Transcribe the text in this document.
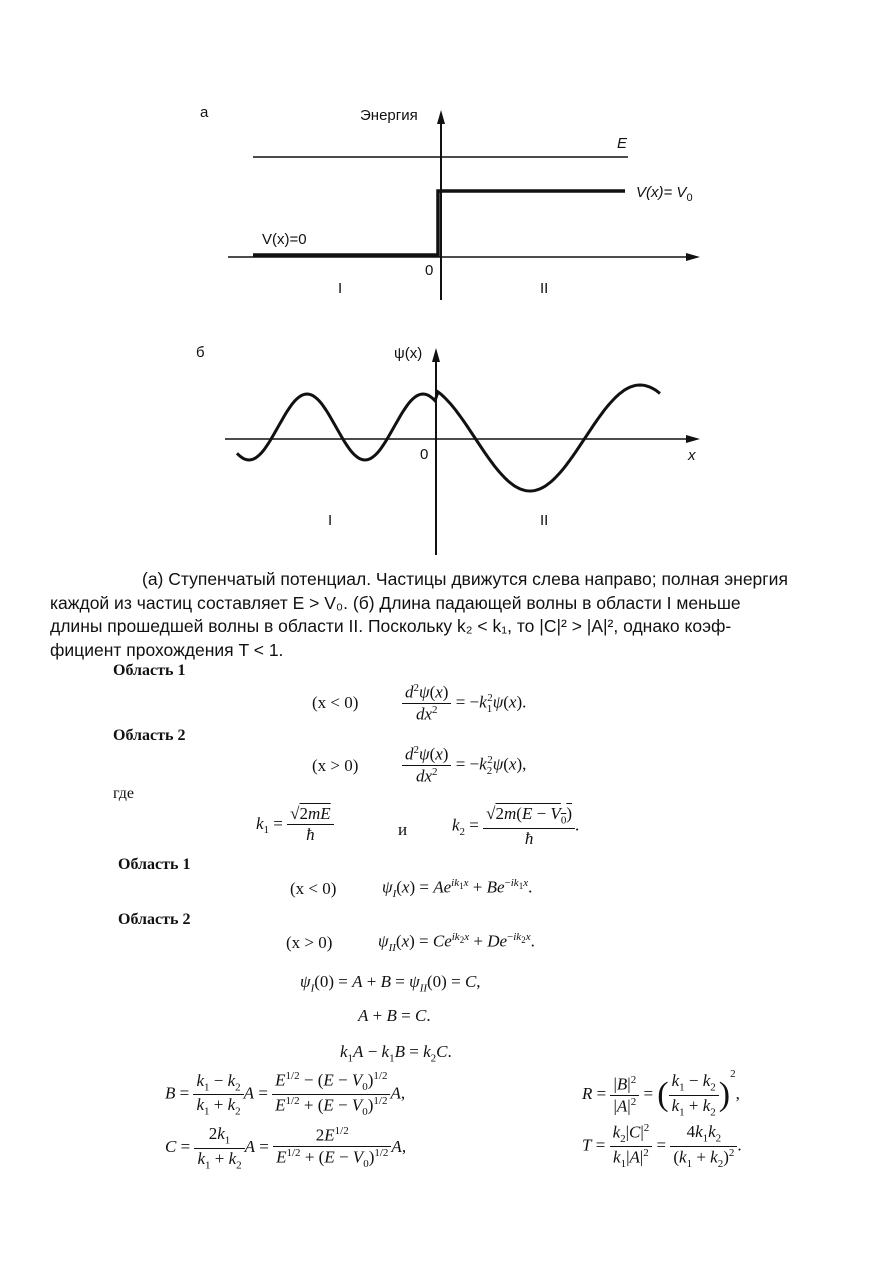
а	Энергия
E
$V(x)= V_0$
V(x)=0
0
I	II
б	ψ(x)
0	x
I	II
(а) Ступенчатый потенциал. Частицы движутся слева направо; полная энергия
каждой из частиц составляет E > V₀. (б) Длина падающей волны в области I меньше
длины прошедшей волны в области II. Поскольку k₂ < k₁, то |C|² > |A|², однако коэф-
фициент прохождения T < 1.
Область 1
(x < 0)	$\frac{d^2\psi(x)}{dx^2} = -k_1^2\psi(x)$.
Область 2
(x > 0)	$\frac{d^2\psi(x)}{dx^2} = -k_2^2\psi(x)$,
где
$k_1 = \frac{√2mE}{ħ}$	и	$k_2 = \frac{√2m(E - V_0)}{ħ}$ .
Область 1
(x < 0)	$\psi_I(x) = Ae^{ik_1x} + Be^{-ik_1x}$.
Область 2
(x > 0)	$\psi_{II}(x) = Ce^{ik_2x} + De^{-ik_2x}$.
$\psi_I(0) = A + B = \psi_{II}(0) = C$,
A + B = C.
$k_1A - k_1B = k_2C$.
$B = \frac{k_1 - k_2}{k_1 + k_2}$ $A = \frac{E^{1/2} - (E - V_0)^{1/2}}{E^{1/2} + (E - V_0)^{1/2}} A$,	$R = \frac{|B|^2}{|A|^2}$ = ( $\frac{k_1 - k_2}{k_1 + k_2} )^2$,
$C = \frac{2k_1}{k_1 + k_2}$ $A = \frac{2E^{1/2}}{E^{1/2} + (E - V_0)^{1/2}} A$,	$T = \frac{k_2|C|^2}{k_1|A|^2} = \frac{4k_1k_2}{(k_1 + k_2)^2}$ .
